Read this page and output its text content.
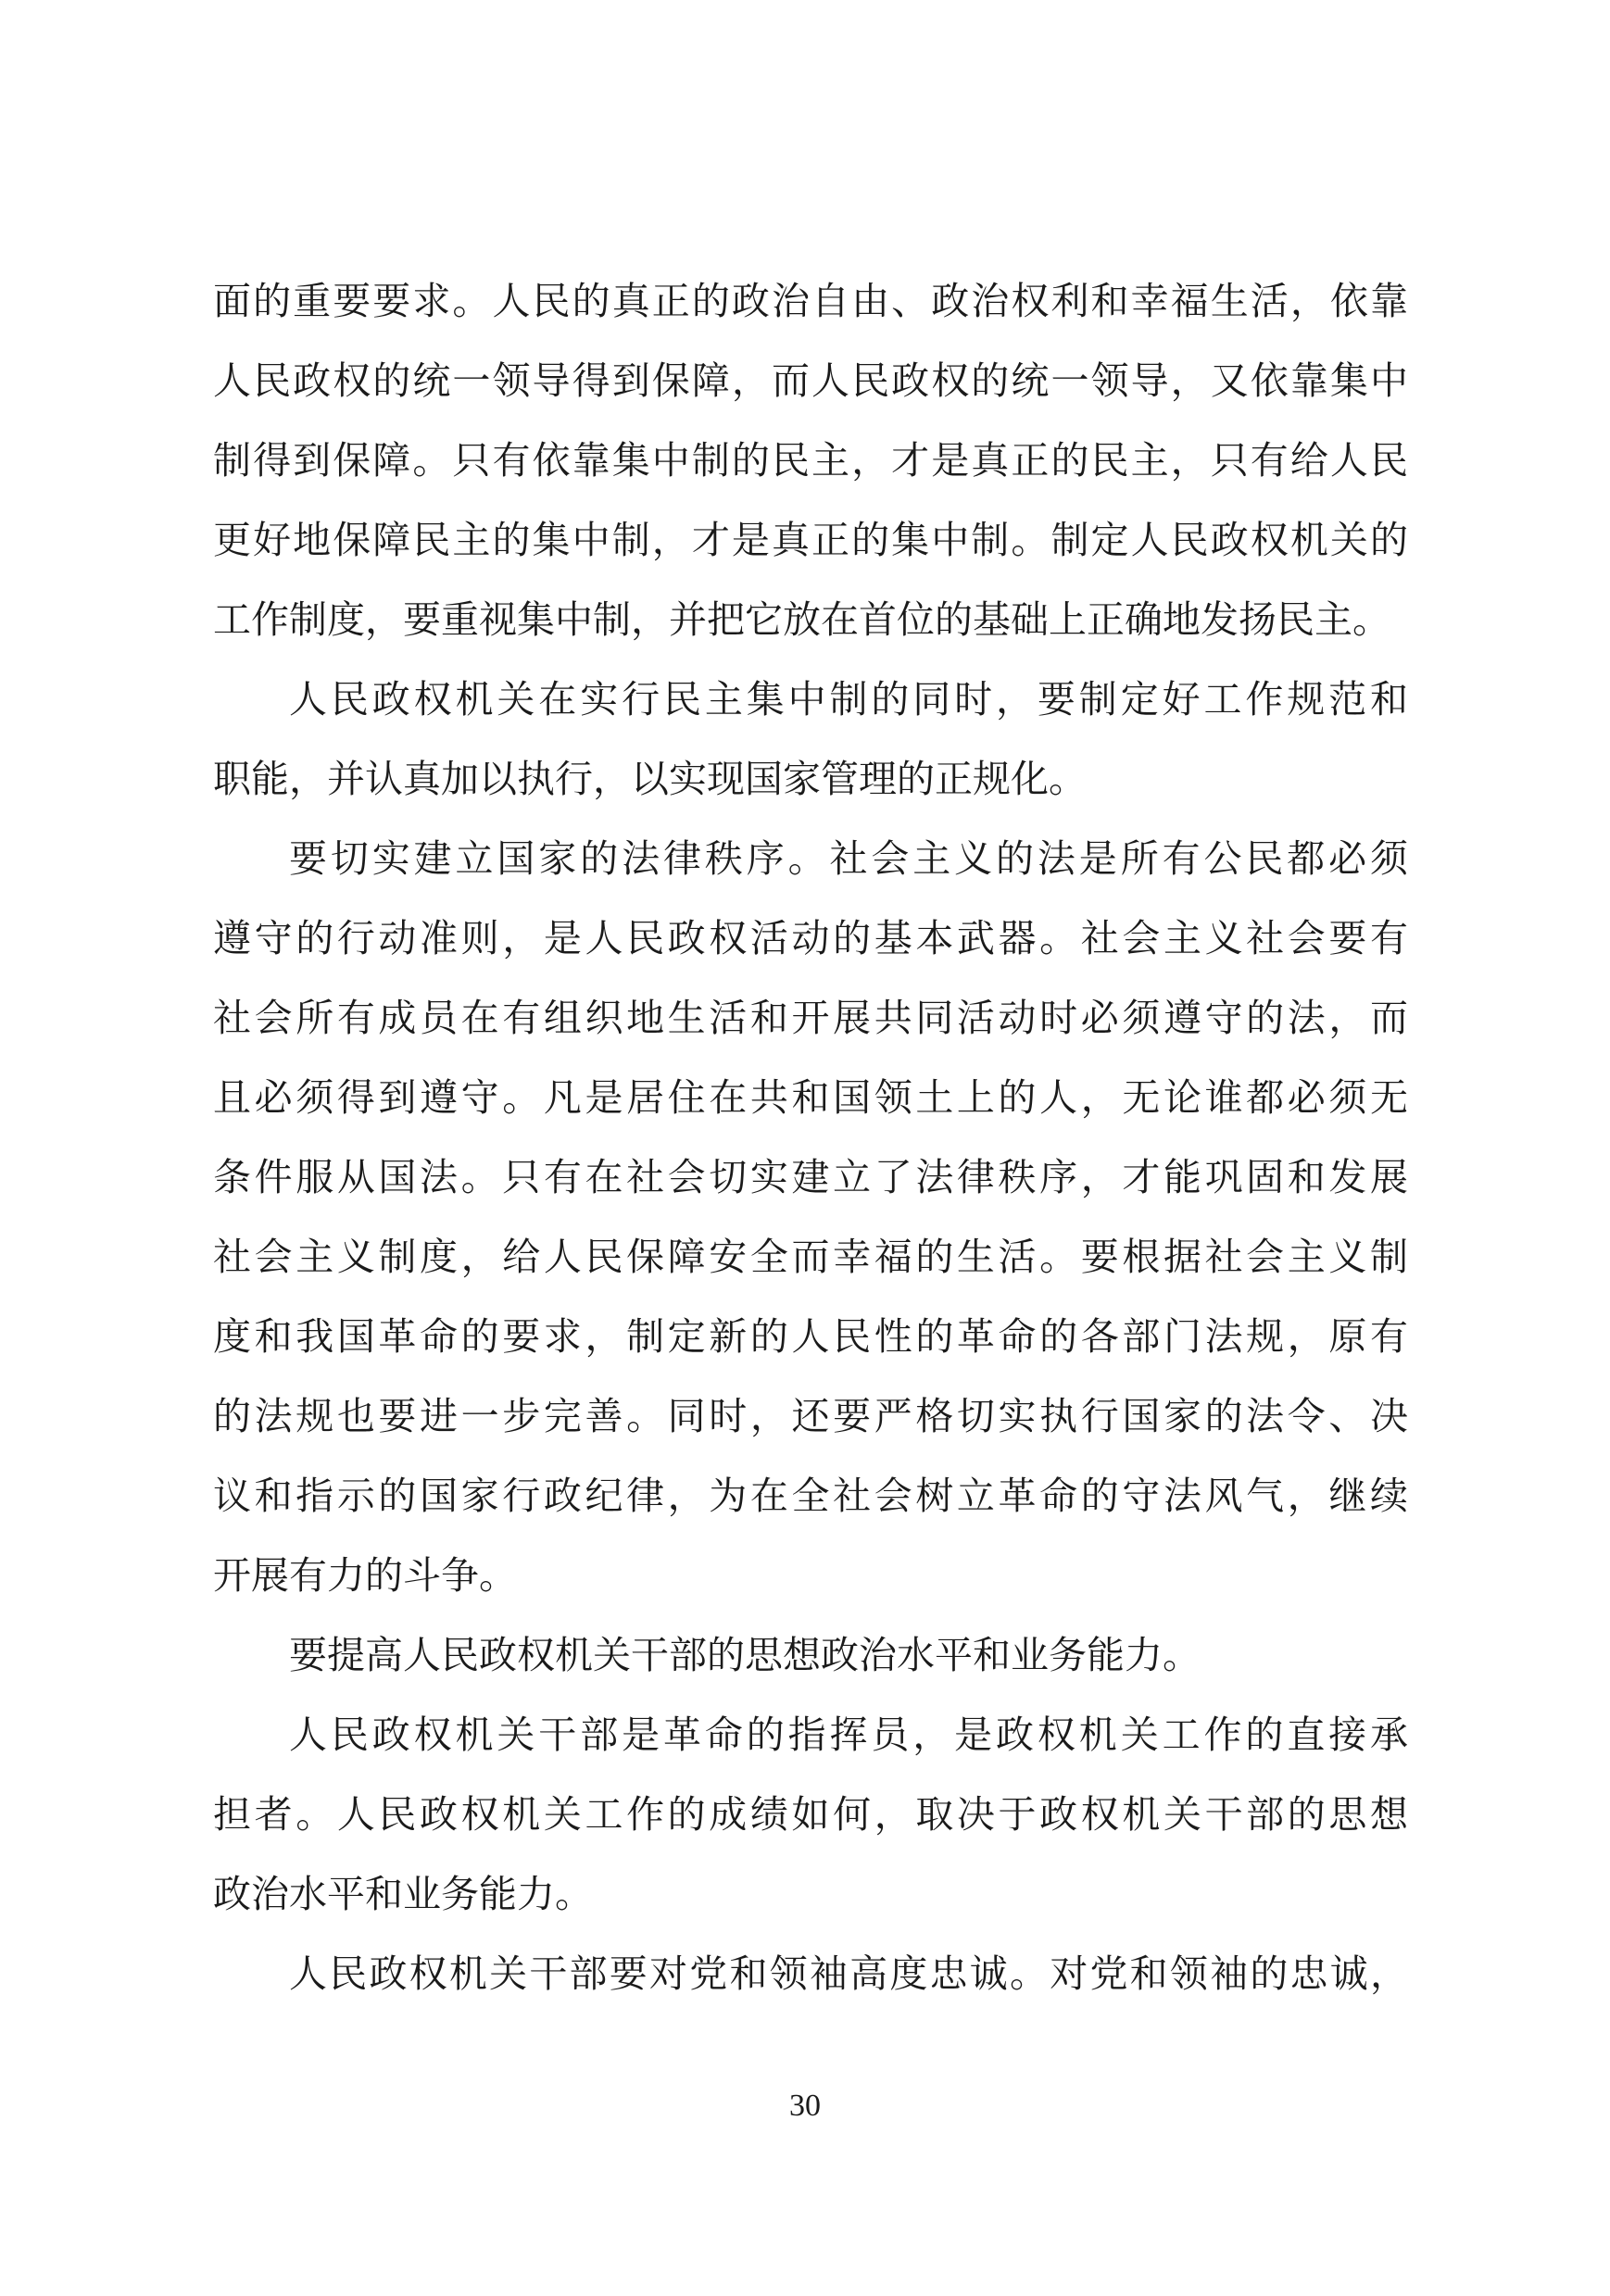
面的重要要求。人民的真正的政治自由、政治权利和幸福生活，依靠
人民政权的统一领导得到保障，而人民政权的统一领导，又依靠集中
制得到保障。只有依靠集中制的民主，才是真正的民主，只有给人民
更好地保障民主的集中制，才是真正的集中制。制定人民政权机关的
工作制度，要重视集中制，并把它放在首位的基础上正确地发扬民主。
人民政权机关在实行民主集中制的同时，要制定好工作规范和
职能，并认真加以执行，以实现国家管理的正规化。
要切实建立国家的法律秩序。社会主义的法是所有公民都必须
遵守的行动准则，是人民政权活动的基本武器。社会主义社会要有
社会所有成员在有组织地生活和开展共同活动时必须遵守的法，而
且必须得到遵守。凡是居住在共和国领土上的人，无论谁都必须无
条件服从国法。只有在社会切实建立了法律秩序，才能巩固和发展
社会主义制度，给人民保障安全而幸福的生活。要根据社会主义制
度和我国革命的要求，制定新的人民性的革命的各部门法规，原有
的法规也要进一步完善。同时，还要严格切实执行国家的法令、决
议和指示的国家行政纪律，为在全社会树立革命的守法风气，继续
开展有力的斗争。
要提高人民政权机关干部的思想政治水平和业务能力。
人民政权机关干部是革命的指挥员，是政权机关工作的直接承
担者。人民政权机关工作的成绩如何，取决于政权机关干部的思想
政治水平和业务能力。
人民政权机关干部要对党和领袖高度忠诚。对党和领袖的忠诚，
30
